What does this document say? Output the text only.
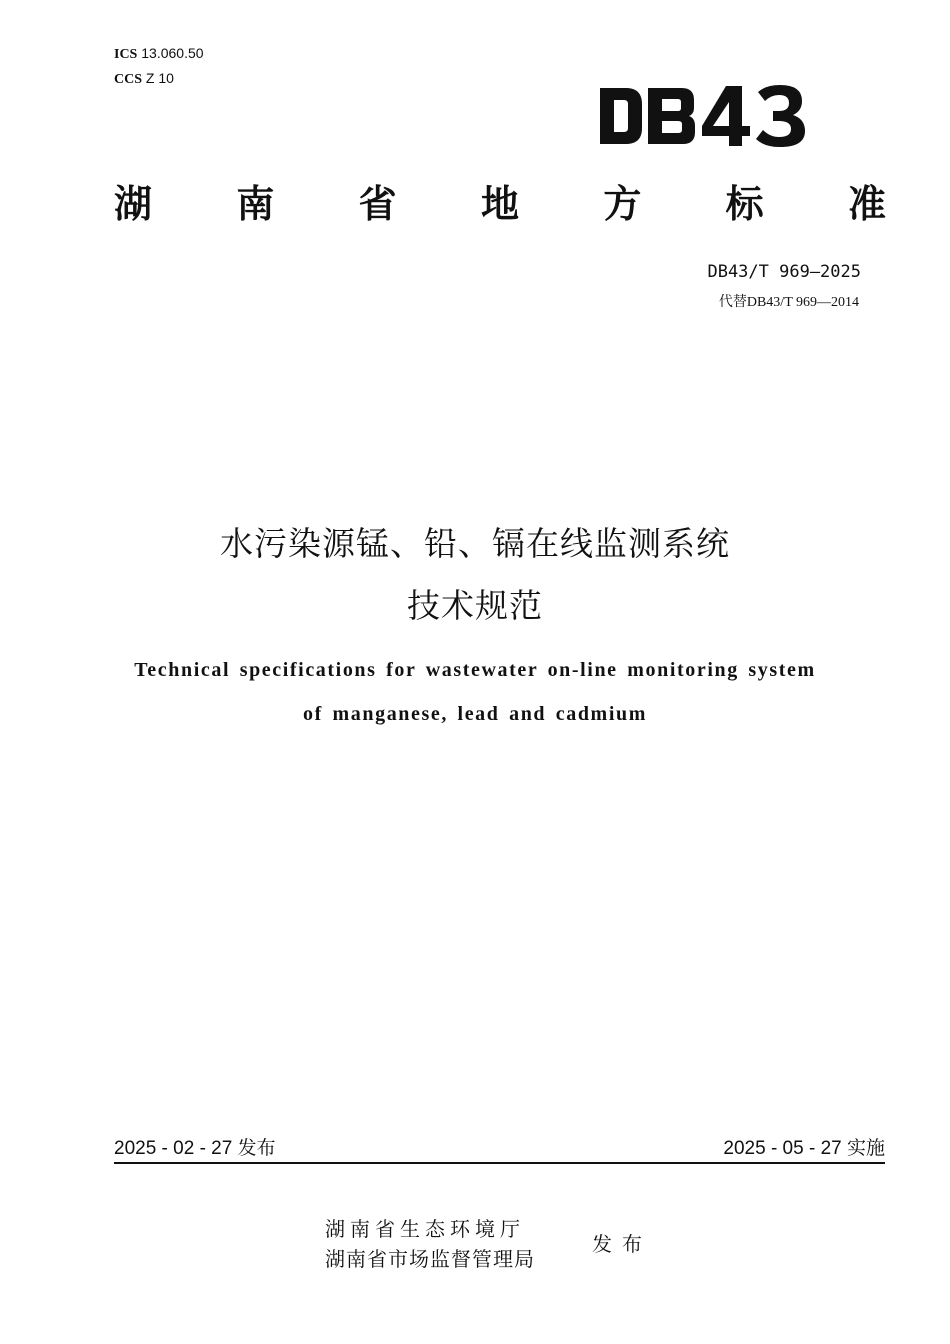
ICS 13.060.50
CCS Z 10
湖 南 省 地 方 标 准
DB43/T 969—2025
代替DB43/T 969—2014
水污染源锰、铅、镉在线监测系统
技术规范
Technical specifications for wastewater on-line monitoring system
of manganese, lead and cadmium
2025 - 02 - 27 发布	2025 - 05 - 27 实施
湖南省生态环境厅
湖南省市场监督管理局
发布
